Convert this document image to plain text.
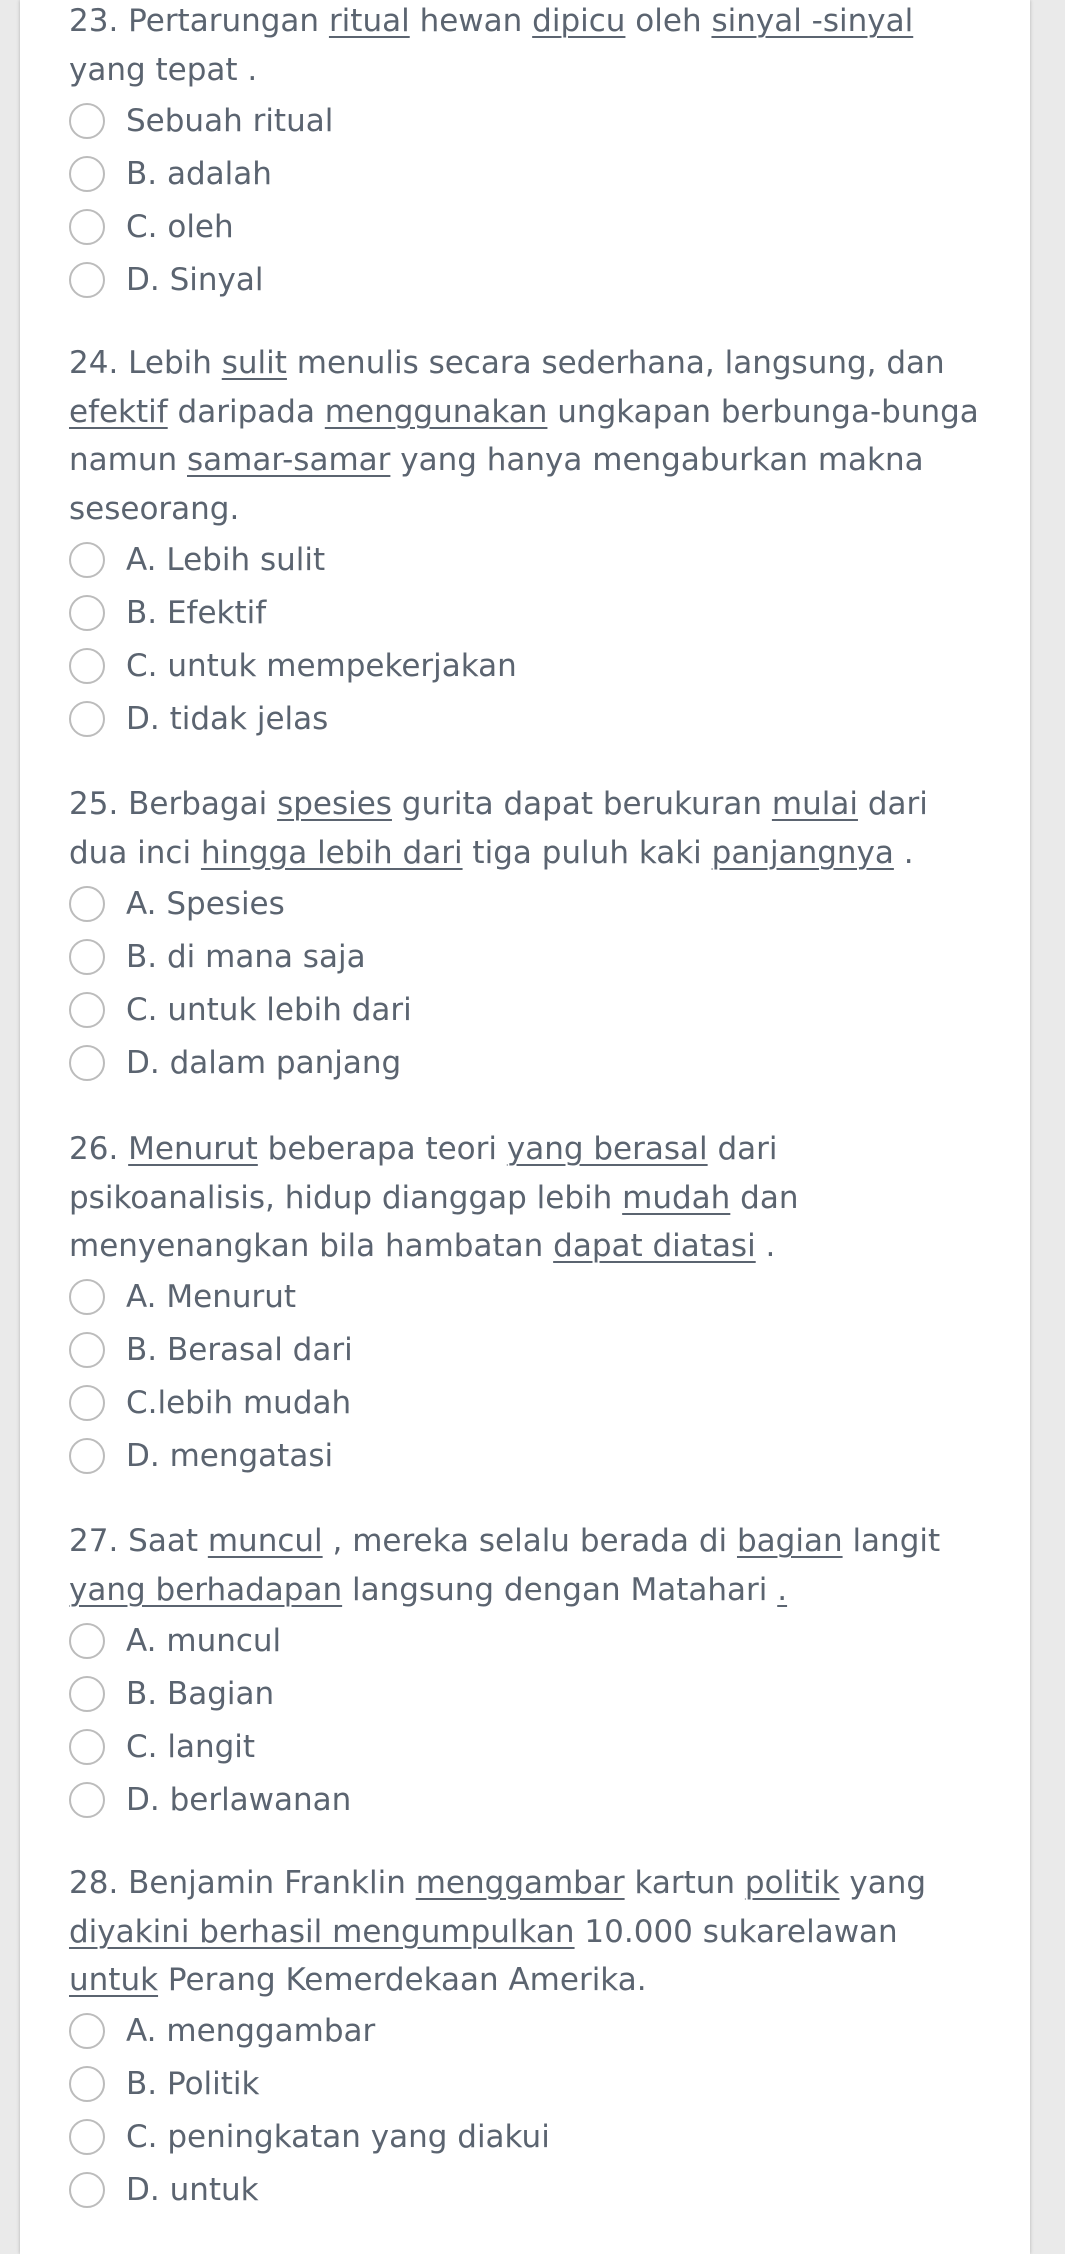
23. Pertarungan ritual hewan dipicu oleh sinyal -sinyal yang tepat .

Sebuah ritual
B. adalah
C. oleh
D. Sinyal

24. Lebih sulit menulis secara sederhana, langsung, dan efektif daripada menggunakan ungkapan berbunga-bunga namun samar-samar yang hanya mengaburkan makna seseorang.

A. Lebih sulit
B. Efektif
C. untuk mempekerjakan
D. tidak jelas

25. Berbagai spesies gurita dapat berukuran mulai dari dua inci hingga lebih dari tiga puluh kaki panjangnya .

A. Spesies
B. di mana saja
C. untuk lebih dari
D. dalam panjang

26. Menurut beberapa teori yang berasal dari psikoanalisis, hidup dianggap lebih mudah dan menyenangkan bila hambatan dapat diatasi .

A. Menurut
B. Berasal dari
C.lebih mudah
D. mengatasi

27. Saat muncul , mereka selalu berada di bagian langit yang berhadapan langsung dengan Matahari .

A. muncul
B. Bagian
C. langit
D. berlawanan

28. Benjamin Franklin menggambar kartun politik yang diyakini berhasil mengumpulkan 10.000 sukarelawan untuk Perang Kemerdekaan Amerika.

A. menggambar
B. Politik
C. peningkatan yang diakui
D. untuk
